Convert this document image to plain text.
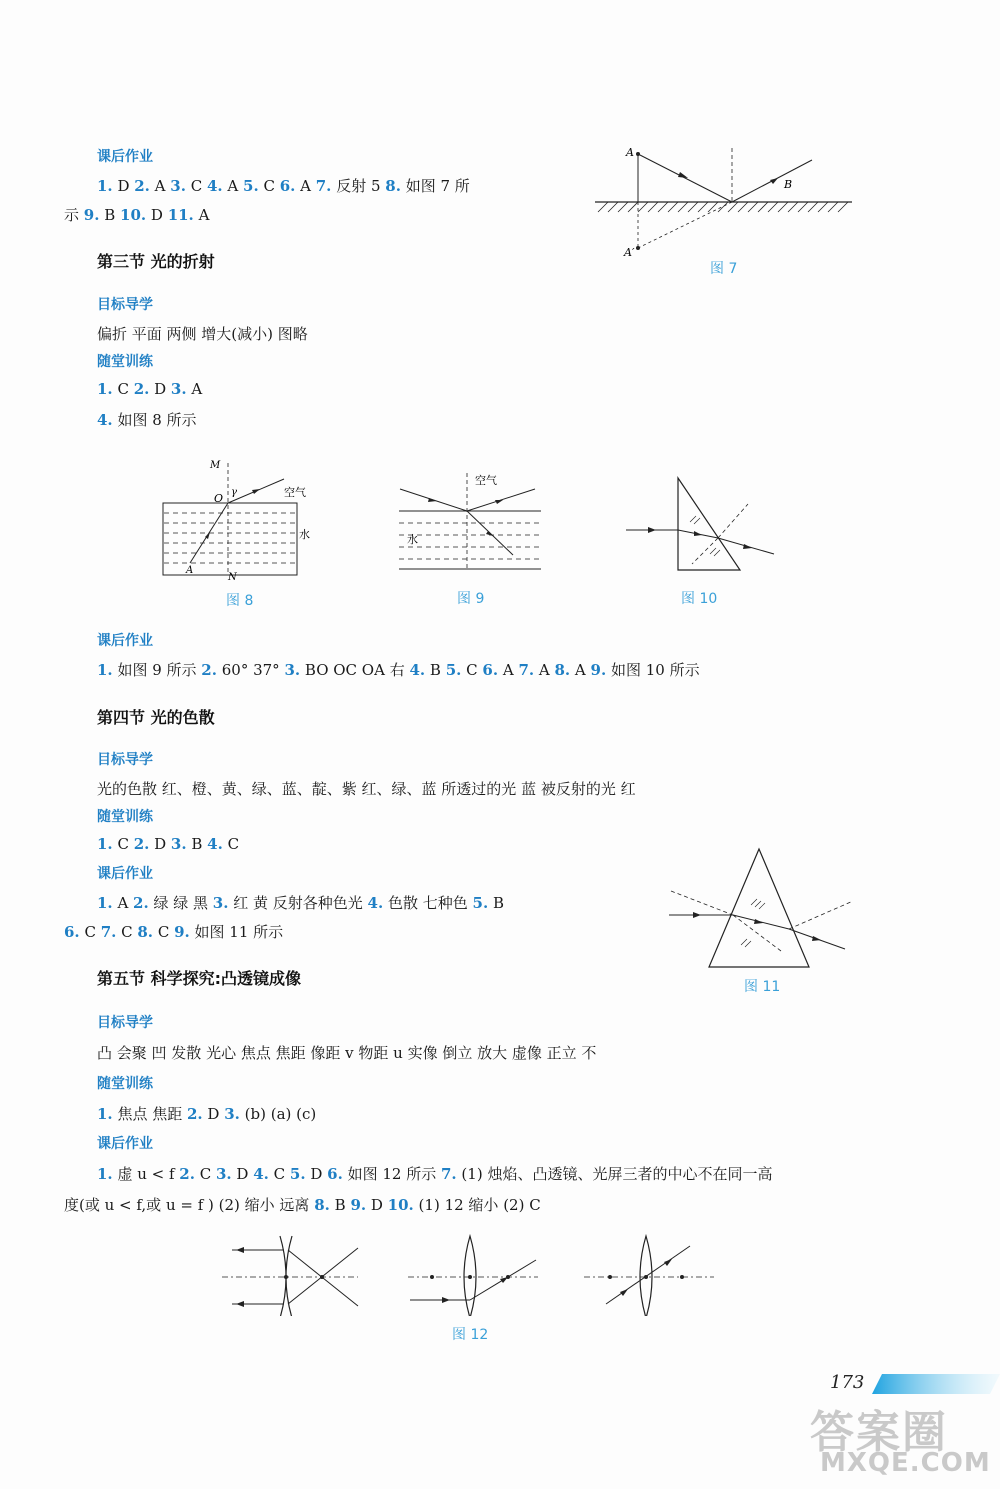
课后作业
1. D 2. A 3. C 4. A 5. C 6. A 7. 反射 5 8. 如图 7 所
示 9. B 10. D 11. A
A
B
A′
图 7
第三节 光的折射
目标导学
偏折 平面 两侧 增大(减小) 图略
随堂训练
1. C 2. D 3. A
4. 如图 8 所示
M
O γ	空气
水
A
N
图 8
空气
水
图 9	图 10
课后作业
1. 如图 9 所示 2. 60° 37° 3. BO OC OA 右 4. B 5. C 6. A 7. A 8. A 9. 如图 10 所示
第四节 光的色散
目标导学
光的色散 红、橙、黄、绿、蓝、靛、紫 红、绿、蓝 所透过的光 蓝 被反射的光 红
随堂训练
1. C 2. D 3. B 4. C
课后作业
1. A 2. 绿 绿 黑 3. 红 黄 反射各种色光 4. 色散 七种色 5. B
6. C 7. C 8. C 9. 如图 11 所示
图 11
第五节 科学探究:凸透镜成像
目标导学
凸 会聚 凹 发散 光心 焦点 焦距 像距 v 物距 u 实像 倒立 放大 虚像 正立 不
随堂训练
1. 焦点 焦距 2. D 3. (b) (a) (c)
课后作业
1. 虚 u < f 2. C 3. D 4. C 5. D 6. 如图 12 所示 7. (1) 烛焰、凸透镜、光屏三者的中心不在同一高
度(或 u < f,或 u = f ) (2) 缩小 远离 8. B 9. D 10. (1) 12 缩小 (2) C
图 12
173
答案圈
MXQE.COM
